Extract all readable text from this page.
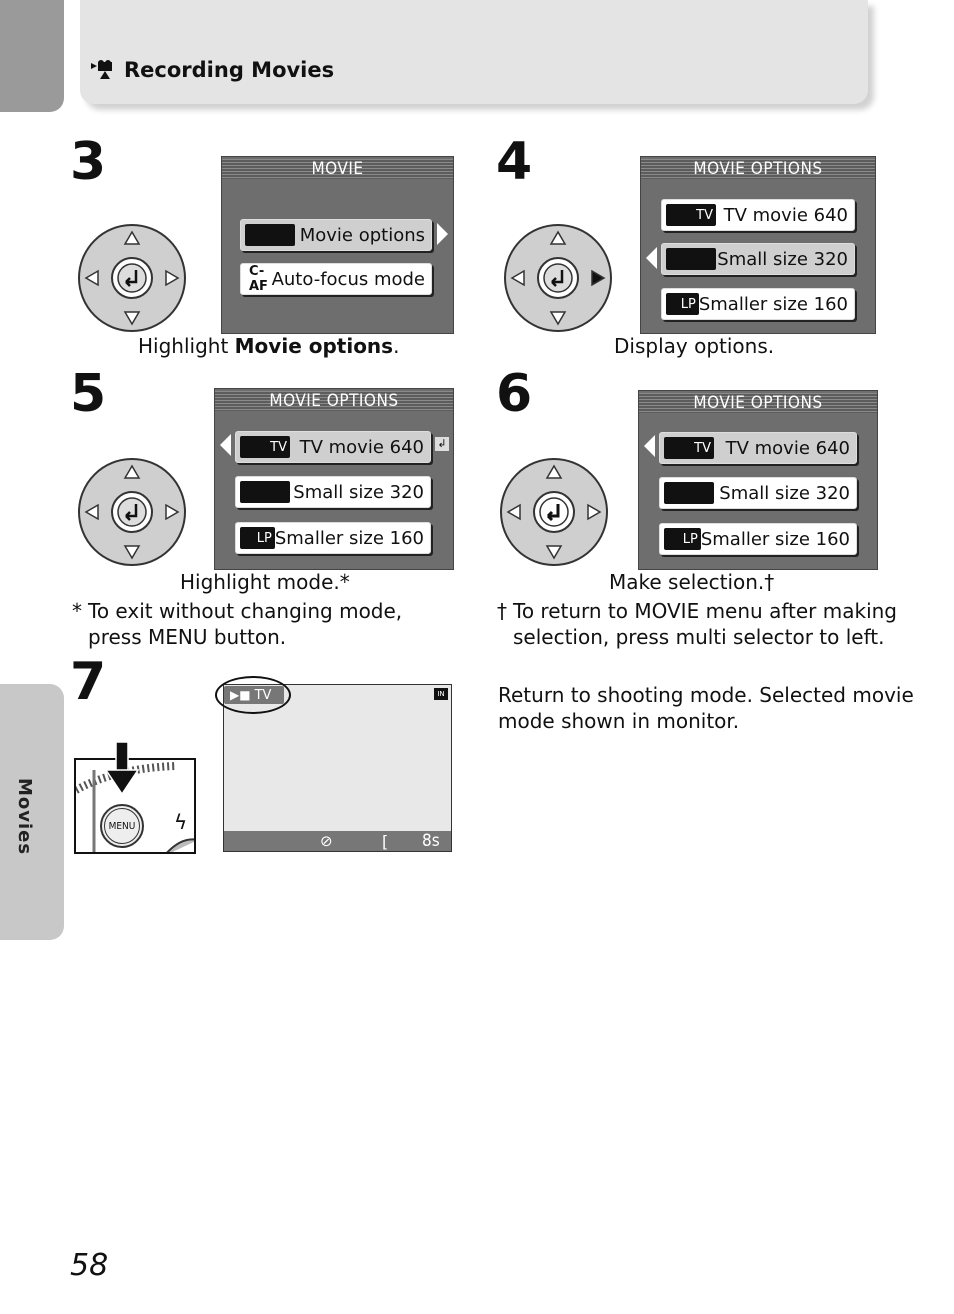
Recording Movies
Movies
3	MOVIE
Movie options
C-AF Auto-focus mode
Highlight Movie options.
4	MOVIE OPTIONS
TV TV movie 640
Small size 320
LP Smaller size 160
Display options.
5	MOVIE OPTIONS
TV TV movie 640	↲
Small size 320
LP Smaller size 160
Highlight mode.*
* To exit without changing mode,
press MENU button.
6	MOVIE OPTIONS
TV TV movie 640
Small size 320
LP Smaller size 160
Make selection.†
† To return to MOVIE menu after making
selection, press multi selector to left.
7
MENU ϟ
⊘	[ 8s
IN
▶■ TV	Return to shooting mode. Selected movie
mode shown in monitor.
58
